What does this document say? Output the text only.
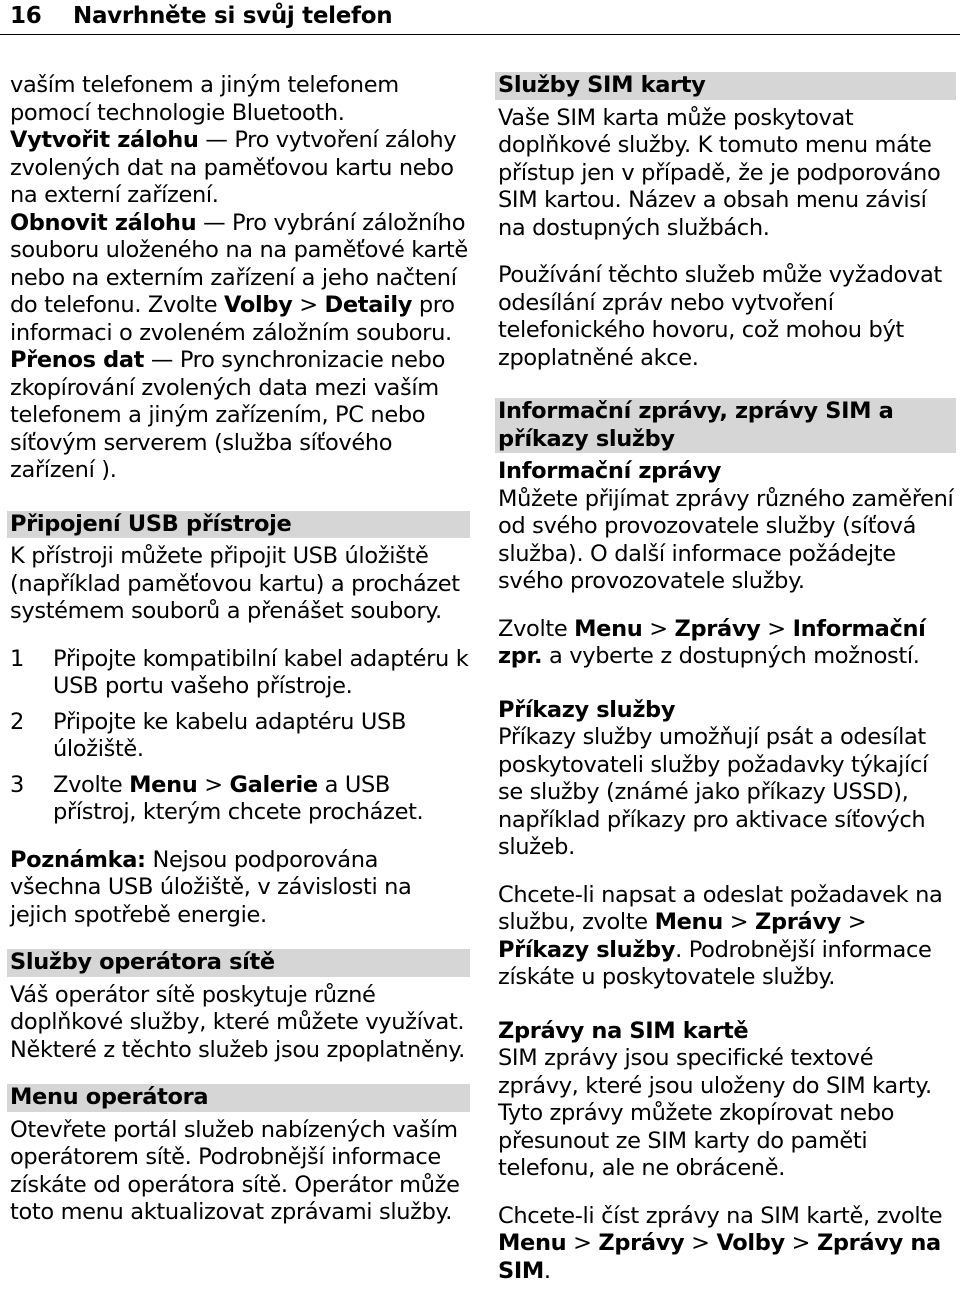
16 Navrhněte si svůj telefon

vaším telefonem a jiným telefonem pomocí technologie Bluetooth.

Vytvořit zálohu — Pro vytvoření zálohy zvolených dat na paměťovou kartu nebo na externí zařízení.

Obnovit zálohu — Pro vybrání záložního souboru uloženého na na paměťové kartě nebo na externím zařízení a jeho načtení do telefonu. Zvolte Volby > Detaily pro informaci o zvoleném záložním souboru.

Přenos dat — Pro synchronizacie nebo zkopírování zvolených data mezi vaším telefonem a jiným zařízením, PC nebo síťovým serverem (služba síťového zařízení ).

Připojení USB přístroje

K přístroji můžete připojit USB úložiště (například paměťovou kartu) a procházet systémem souborů a přenášet soubory.

1 Připojte kompatibilní kabel adaptéru k USB portu vašeho přístroje.
2 Připojte ke kabelu adaptéru USB úložiště.
3 Zvolte Menu > Galerie a USB přístroj, kterým chcete procházet.

Poznámka: Nejsou podporována všechna USB úložiště, v závislosti na jejich spotřebě energie.

Služby operátora sítě

Váš operátor sítě poskytuje různé doplňkové služby, které můžete využívat. Některé z těchto služeb jsou zpoplatněny.

Menu operátora

Otevřete portál služeb nabízených vaším operátorem sítě. Podrobnější informace získáte od operátora sítě. Operátor může toto menu aktualizovat zprávami služby.

Služby SIM karty

Vaše SIM karta může poskytovat doplňkové služby. K tomuto menu máte přístup jen v případě, že je podporováno SIM kartou. Název a obsah menu závisí na dostupných službách.

Používání těchto služeb může vyžadovat odesílání zpráv nebo vytvoření telefonického hovoru, což mohou být zpoplatněné akce.

Informační zprávy, zprávy SIM a příkazy služby
Informační zprávy

Můžete přijímat zprávy různého zaměření od svého provozovatele služby (síťová služba). O další informace požádejte svého provozovatele služby.

Zvolte Menu > Zprávy > Informační zpr. a vyberte z dostupných možností.

Příkazy služby

Příkazy služby umožňují psát a odesílat poskytovateli služby požadavky týkající se služby (známé jako příkazy USSD), například příkazy pro aktivace síťových služeb.

Chcete-li napsat a odeslat požadavek na službu, zvolte Menu > Zprávy > Příkazy služby. Podrobnější informace získáte u poskytovatele služby.

Zprávy na SIM kartě

SIM zprávy jsou specifické textové zprávy, které jsou uloženy do SIM karty. Tyto zprávy můžete zkopírovat nebo přesunout ze SIM karty do paměti telefonu, ale ne obráceně.

Chcete-li číst zprávy na SIM kartě, zvolte Menu > Zprávy > Volby > Zprávy na SIM.
